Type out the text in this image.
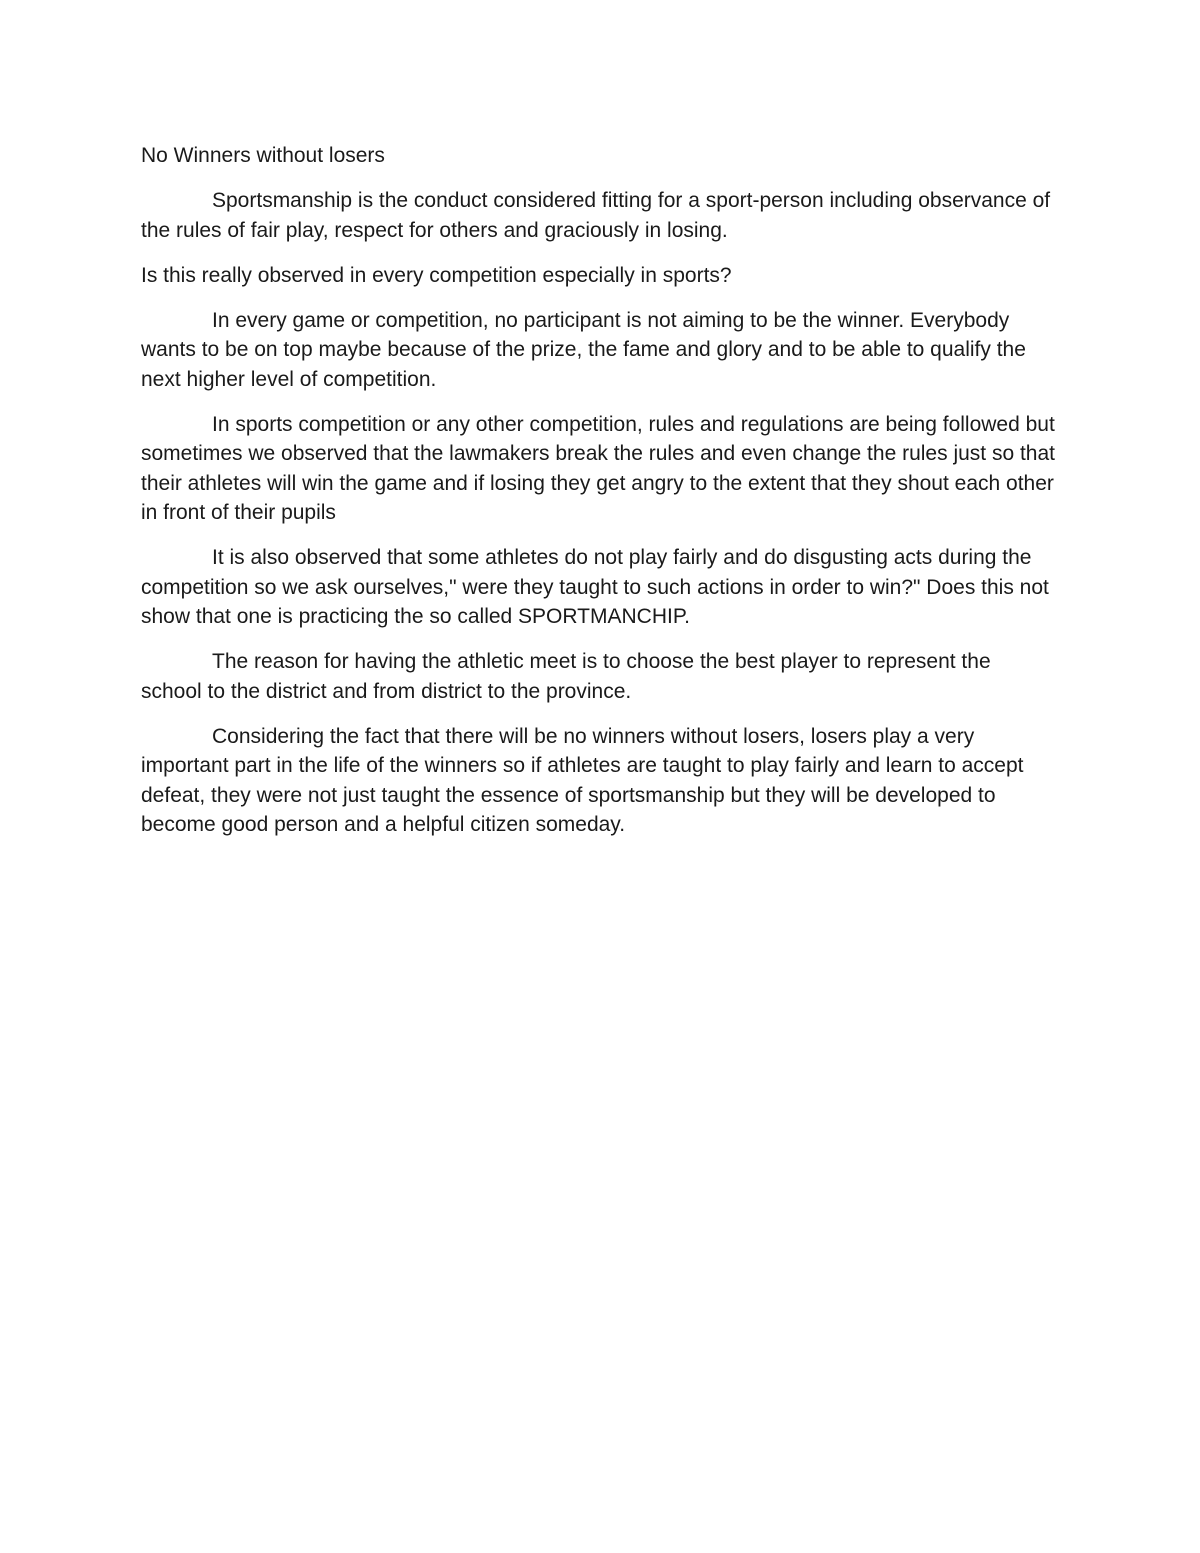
No Winners without losers

Sportsmanship is the conduct considered fitting for a sport-person including observance of the rules of fair play, respect for others and graciously in losing.

Is this really observed in every competition especially in sports?

In every game or competition, no participant is not aiming to be the winner. Everybody wants to be on top maybe because of the prize, the fame and glory and to be able to qualify the next higher level of competition.

In sports competition or any other competition, rules and regulations are being followed but sometimes we observed that the lawmakers break the rules and even change the rules just so that their athletes will win the game and if losing they get angry to the extent that they shout each other in front of their pupils

It is also observed that some athletes do not play fairly and do disgusting acts during the competition so we ask ourselves," were they taught to such actions in order to win?" Does this not show that one is practicing the so called SPORTMANCHIP.

The reason for having the athletic meet is to choose the best player to represent the school to the district and from district to the province.

Considering the fact that there will be no winners without losers, losers play a very important part in the life of the winners so if athletes are taught to play fairly and learn to accept defeat, they were not just taught the essence of sportsmanship but they will be developed to become good person and a helpful citizen someday.
